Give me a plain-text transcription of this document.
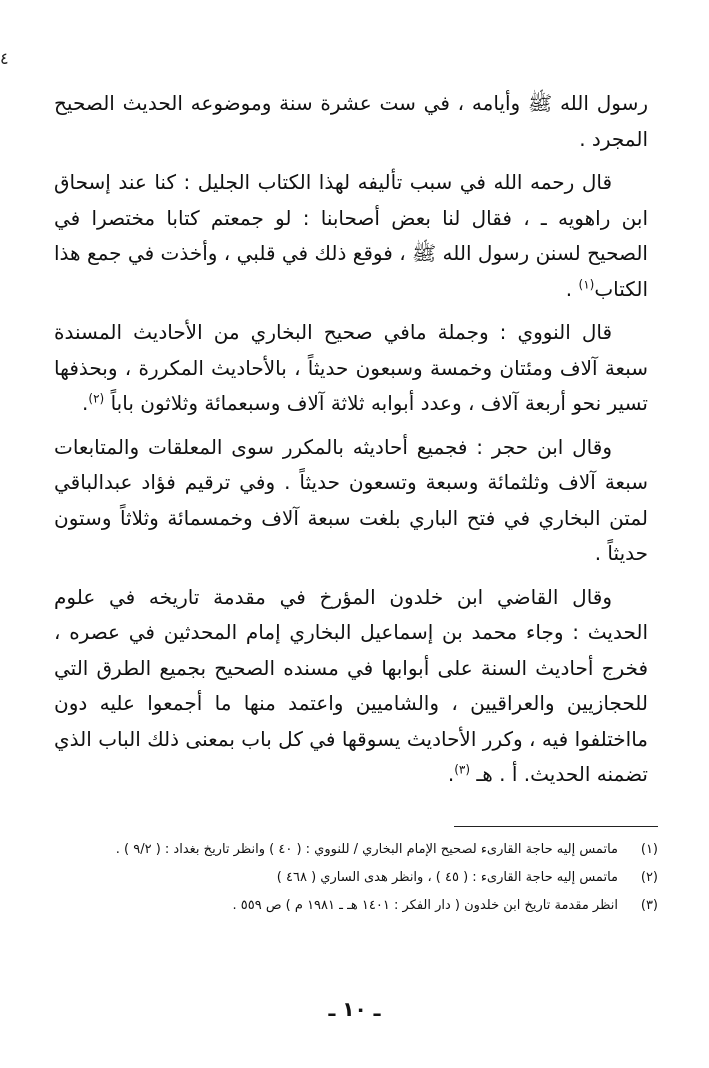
٤

رسول الله ﷺ وأيامه ، في ست عشرة سنة وموضوعه الحديث الصحيح المجرد .

قال رحمه الله في سبب تأليفه لهذا الكتاب الجليل : كنا عند إسحاق ابن راهويه ـ ، فقال لنا بعض أصحابنا : لو جمعتم كتابا مختصرا في الصحيح لسنن رسول الله ﷺ ، فوقع ذلك في قلبي ، وأخذت في جمع هذا الكتاب$^{(١)}$ .

قال النووي : وجملة مافي صحيح البخاري من الأحاديث المسندة سبعة آلاف ومئتان وخمسة وسبعون حديثاً ، بالأحاديث المكررة ، وبحذفها تسير نحو أربعة آلاف ، وعدد أبوابه ثلاثة آلاف وسبعمائة وثلاثون باباً $^{(٢)}$.

وقال ابن حجر : فجميع أحاديثه بالمكرر سوى المعلقات والمتابعات سبعة آلاف وثلثمائة وسبعة وتسعون حديثاً . وفي ترقيم فؤاد عبدالباقي لمتن البخاري في فتح الباري بلغت سبعة آلاف وخمسمائة وثلاثاً وستون حديثاً .

وقال القاضي ابن خلدون المؤرخ في مقدمة تاريخه في علوم الحديث : وجاء محمد بن إسماعيل البخاري إمام المحدثين في عصره ، فخرج أحاديث السنة على أبوابها في مسنده الصحيح بجميع الطرق التي للحجازيين والعراقيين ، والشاميين واعتمد منها ما أجمعوا عليه دون مااختلفوا فيه ، وكرر الأحاديث يسوقها في كل باب بمعنى ذلك الباب الذي تضمنه الحديث. أ . هـ $^{(٣)}$.

(١)
ماتمس إليه حاجة القارىء لصحيح الإمام البخاري / للنووي : ( ٤٠ ) وانظر تاريخ بغداد : ( ٩/٢ ) .
(٢)
ماتمس إليه حاجة القارىء : ( ٤٥ ) ، وانظر هدى الساري ( ٤٦٨ )
(٣)
انظر مقدمة تاريخ ابن خلدون ( دار الفكر : ١٤٠١ هـ ـ ١٩٨١ م ) ص ٥٥٩ .
ـ ١٠ ـ
